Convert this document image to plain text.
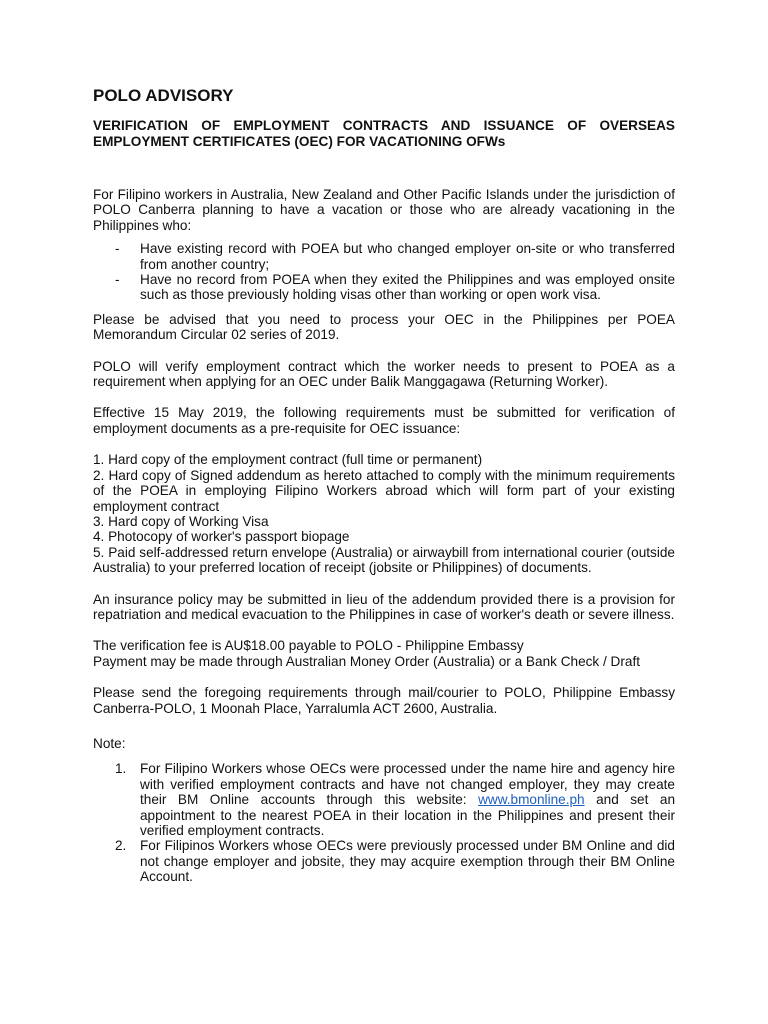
POLO ADVISORY
VERIFICATION OF EMPLOYMENT CONTRACTS AND ISSUANCE OF OVERSEAS EMPLOYMENT CERTIFICATES (OEC) FOR VACATIONING OFWs

For Filipino workers in Australia, New Zealand and Other Pacific Islands under the jurisdiction of POLO Canberra planning to have a vacation or those who are already vacationing in the Philippines who:

- Have existing record with POEA but who changed employer on-site or who transferred from another country;
- Have no record from POEA when they exited the Philippines and was employed onsite such as those previously holding visas other than working or open work visa.

Please be advised that you need to process your OEC in the Philippines per POEA Memorandum Circular 02 series of 2019.

POLO will verify employment contract which the worker needs to present to POEA as a requirement when applying for an OEC under Balik Manggagawa (Returning Worker).

Effective 15 May 2019, the following requirements must be submitted for verification of employment documents as a pre-requisite for OEC issuance:

1. Hard copy of the employment contract (full time or permanent)
2. Hard copy of Signed addendum as hereto attached to comply with the minimum requirements of the POEA in employing Filipino Workers abroad which will form part of your existing employment contract
3. Hard copy of Working Visa
4. Photocopy of worker's passport biopage
5. Paid self-addressed return envelope (Australia) or airwaybill from international courier (outside Australia) to your preferred location of receipt (jobsite or Philippines) of documents.

An insurance policy may be submitted in lieu of the addendum provided there is a provision for repatriation and medical evacuation to the Philippines in case of worker's death or severe illness.

The verification fee is AU$18.00 payable to POLO - Philippine Embassy

Payment may be made through Australian Money Order (Australia) or a Bank Check / Draft

Please send the foregoing requirements through mail/courier to POLO, Philippine Embassy Canberra-POLO, 1 Moonah Place, Yarralumla ACT 2600, Australia.

Note:

1. For Filipino Workers whose OECs were processed under the name hire and agency hire with verified employment contracts and have not changed employer, they may create their BM Online accounts through this website: www.bmonline.ph and set an appointment to the nearest POEA in their location in the Philippines and present their verified employment contracts.
2. For Filipinos Workers whose OECs were previously processed under BM Online and did not change employer and jobsite, they may acquire exemption through their BM Online Account.
